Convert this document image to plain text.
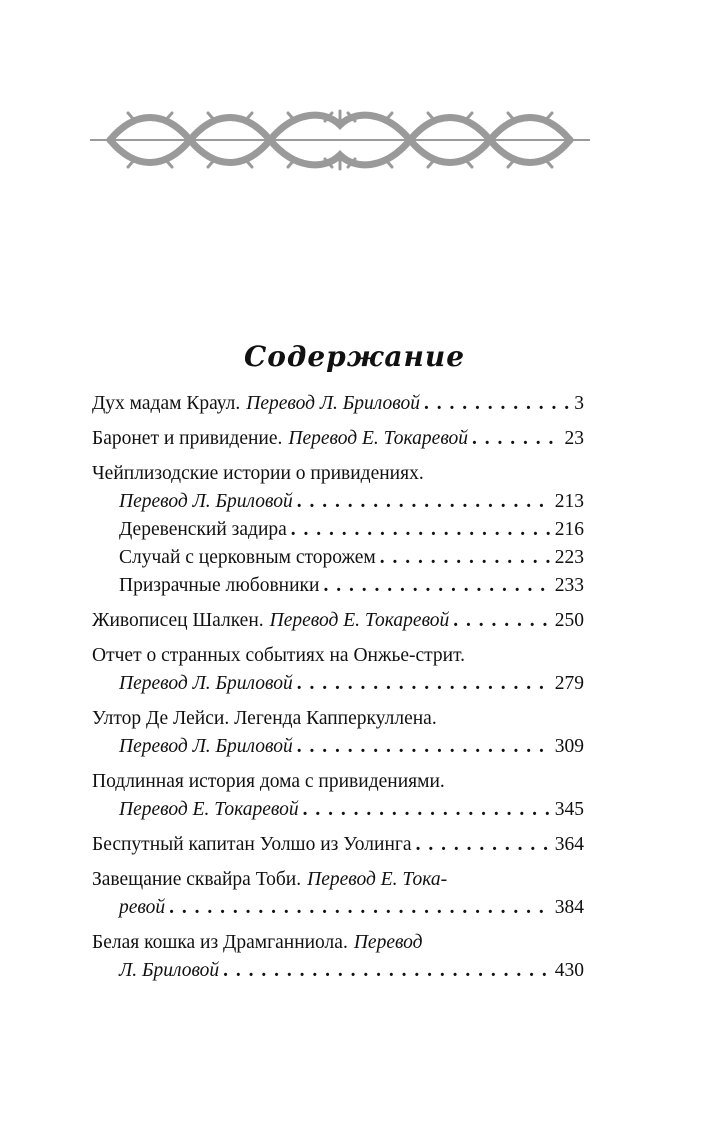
Содержание
Дух мадам Краул. Перевод Л. Бриловой . . .	3
Баронет и привидение. Перевод Е. Токаревой . . .	23
Чейплизодские истории о привидениях.
Перевод Л. Бриловой . . .	213
Деревенский задира . . .	216
Случай с церковным сторожем . . .	223
Призрачные любовники . . .	233
Живописец Шалкен. Перевод Е. Токаревой . . .	250
Отчет о странных событиях на Онжье-стрит.
Перевод Л. Бриловой . . .	279
Ултор Де Лейси. Легенда Капперкуллена.
Перевод Л. Бриловой . . .	309
Подлинная история дома с привидениями.
Перевод Е. Токаревой . . .	345
Беспутный капитан Уолшо из Уолинга . . .	364
Завещание сквайра Тоби. Перевод Е. Тока-
ревой . . .	384
Белая кошка из Драмганниола. Перевод
Л. Бриловой . . .	430
